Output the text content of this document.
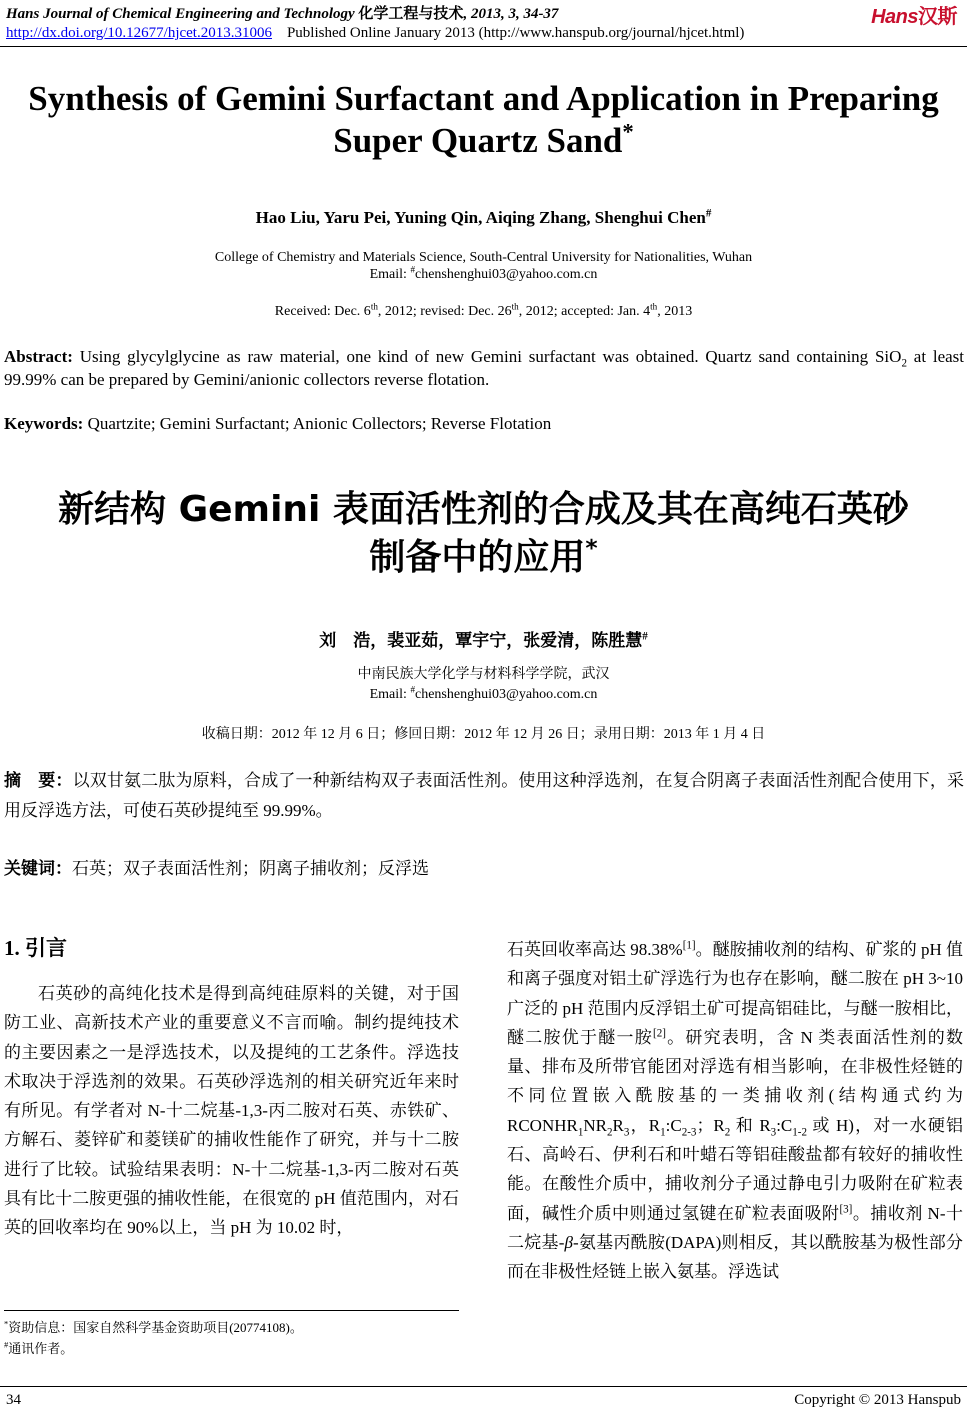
Hans Journal of Chemical Engineering and Technology 化学工程与技术, 2013, 3, 34-37	Hans汉斯
http://dx.doi.org/10.12677/hjcet.2013.31006 Published Online January 2013 (http://www.hanspub.org/journal/hjcet.html)
Synthesis of Gemini Surfactant and Application in Preparing
Super Quartz Sand*
Hao Liu, Yaru Pei, Yuning Qin, Aiqing Zhang, Shenghui Chen#
College of Chemistry and Materials Science, South-Central University for Nationalities, Wuhan
Email: #chenshenghui03@yahoo.com.cn
Received: Dec. 6th, 2012; revised: Dec. 26th, 2012; accepted: Jan. 4th, 2013
Abstract: Using glycylglycine as raw material, one kind of new Gemini surfactant was obtained. Quartz sand containing SiO$_2$ at least 99.99% can be prepared by Gemini/anionic collectors reverse flotation.
Keywords: Quartzite; Gemini Surfactant; Anionic Collectors; Reverse Flotation
新结构 Gemini 表面活性剂的合成及其在高纯石英砂
制备中的应用*
刘　浩，裴亚茹，覃宇宁，张爱清，陈胜慧#
中南民族大学化学与材料科学学院，武汉
Email: #chenshenghui03@yahoo.com.cn
收稿日期：2012 年 12 月 6 日；修回日期：2012 年 12 月 26 日；录用日期：2013 年 1 月 4 日
摘　要：以双甘氨二肽为原料，合成了一种新结构双子表面活性剂。使用这种浮选剂，在复合阴离子表面活性剂配合使用下，采用反浮选方法，可使石英砂提纯至 99.99%。
关键词：石英；双子表面活性剂；阴离子捕收剂；反浮选
1. 引言

石英砂的高纯化技术是得到高纯硅原料的关键，对于国防工业、高新技术产业的重要意义不言而喻。制约提纯技术的主要因素之一是浮选技术，以及提纯的工艺条件。浮选技术取决于浮选剂的效果。石英砂浮选剂的相关研究近年来时有所见。有学者对 N-十二烷基-1,3-丙二胺对石英、赤铁矿、方解石、菱锌矿和菱镁矿的捕收性能作了研究，并与十二胺进行了比较。试验结果表明：N-十二烷基-1,3-丙二胺对石英具有比十二胺更强的捕收性能，在很宽的 pH 值范围内，对石英的回收率均在 90%以上，当 pH 为 10.02 时，

石英回收率高达 98.38%[1]。醚胺捕收剂的结构、矿浆的 pH 值和离子强度对铝土矿浮选行为也存在影响，醚二胺在 pH 3~10 广泛的 pH 范围内反浮铝土矿可提高铝硅比，与醚一胺相比，醚二胺优于醚一胺[2]。研究表明，含 N 类表面活性剂的数量、排布及所带官能团对浮选有相当影响，在非极性烃链的不同位置嵌入酰胺基的一类捕收剂(结构通式约为 $RCONHR_1NR_2R_3$，$R_1:C_{2-3}$；$R_2$ 和 $R_3:C_{1-2}$ 或 H)，对一水硬铝石、高岭石、伊利石和叶蜡石等铝硅酸盐都有较好的捕收性能。在酸性介质中，捕收剂分子通过静电引力吸附在矿粒表面，碱性介质中则通过氢键在矿粒表面吸附[3]。捕收剂 N-十二烷基-β-氨基丙酰胺(DAPA)则相反，其以酰胺基为极性部分而在非极性烃链上嵌入氨基。浮选试

*资助信息：国家自然科学基金资助项目(20774108)。
#通讯作者。
34	Copyright © 2013 Hanspub
